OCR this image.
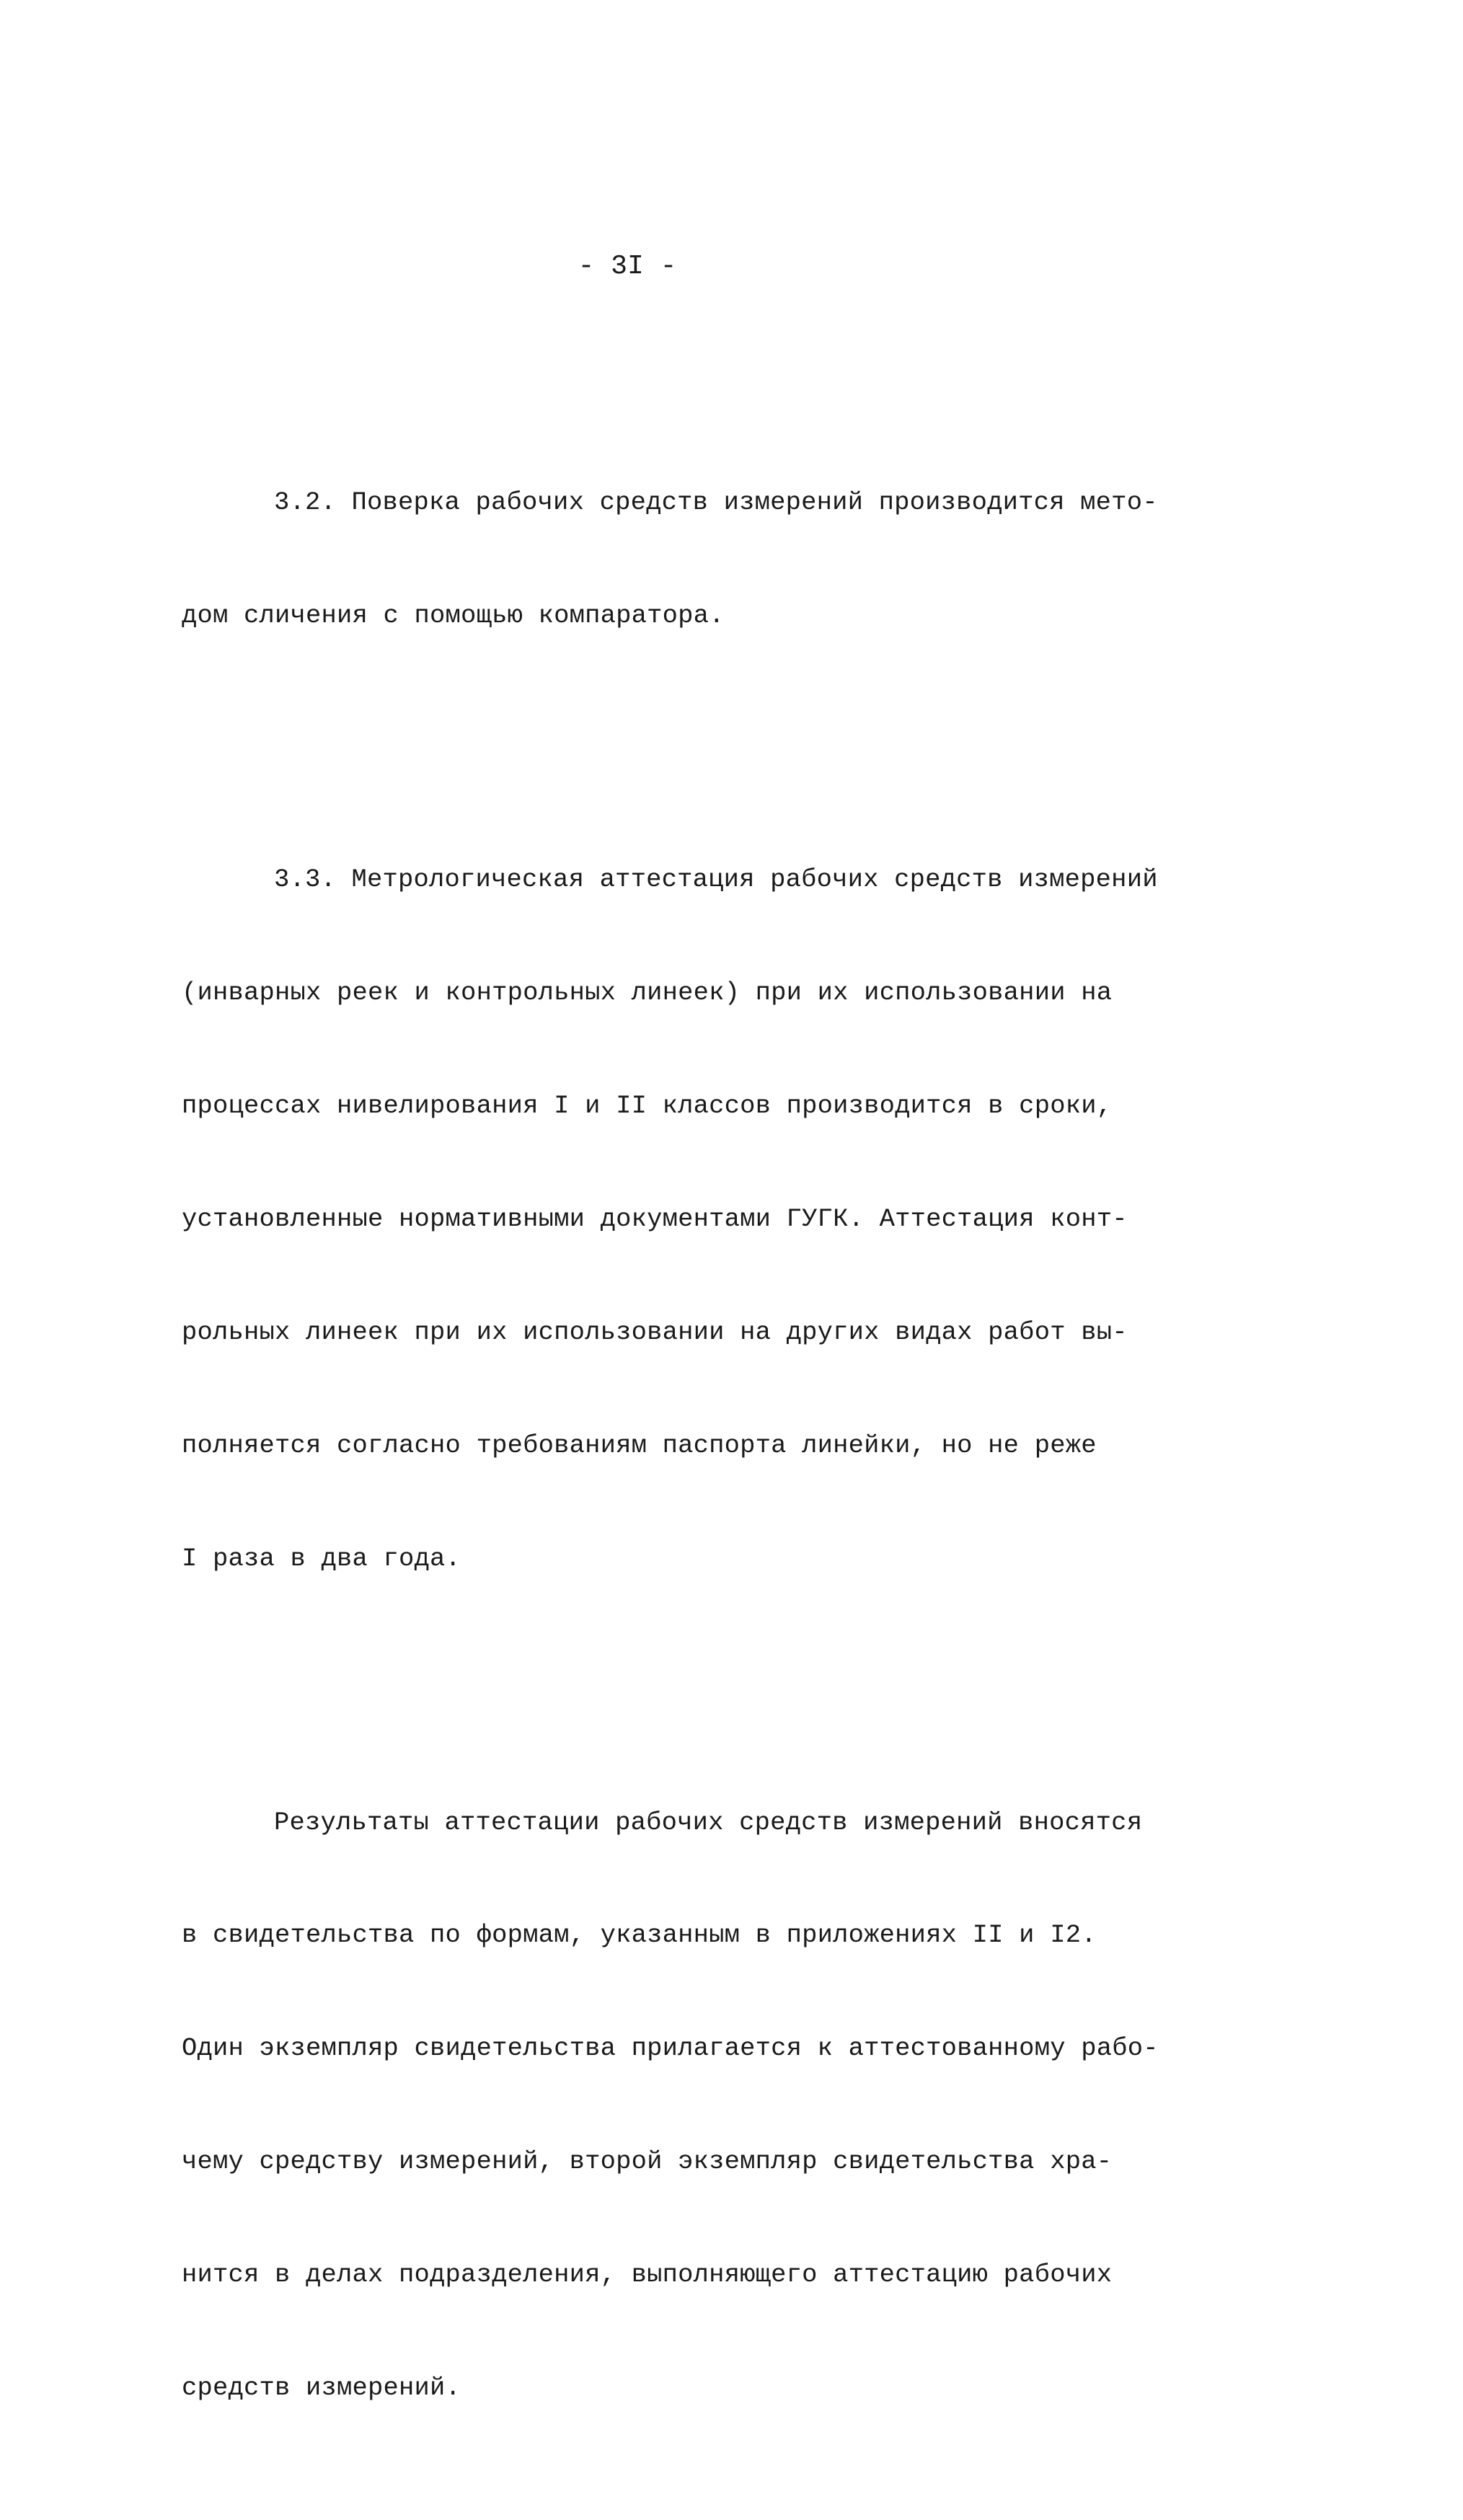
- 3I -

3.2. Поверка рабочих средств измерений производится мето-

дом сличения с помощью компаратора.

3.3. Метрологическая аттестация рабочих средств измерений

(инварных реек и контрольных линеек) при их использовании на

процессах нивелирования I и II классов производится в сроки,

установленные нормативными документами ГУГК. Аттестация конт-

рольных линеек при их использовании на других видах работ вы-

полняется согласно требованиям паспорта линейки, но не реже

I раза в два года.

Результаты аттестации рабочих средств измерений вносятся

в свидетельства по формам, указанным в приложениях II и I2.

Один экземпляр свидетельства прилагается к аттестованному рабо-

чему средству измерений, второй экземпляр свидетельства хра-

нится в делах подразделения, выполняющего аттестацию рабочих

средств измерений.
